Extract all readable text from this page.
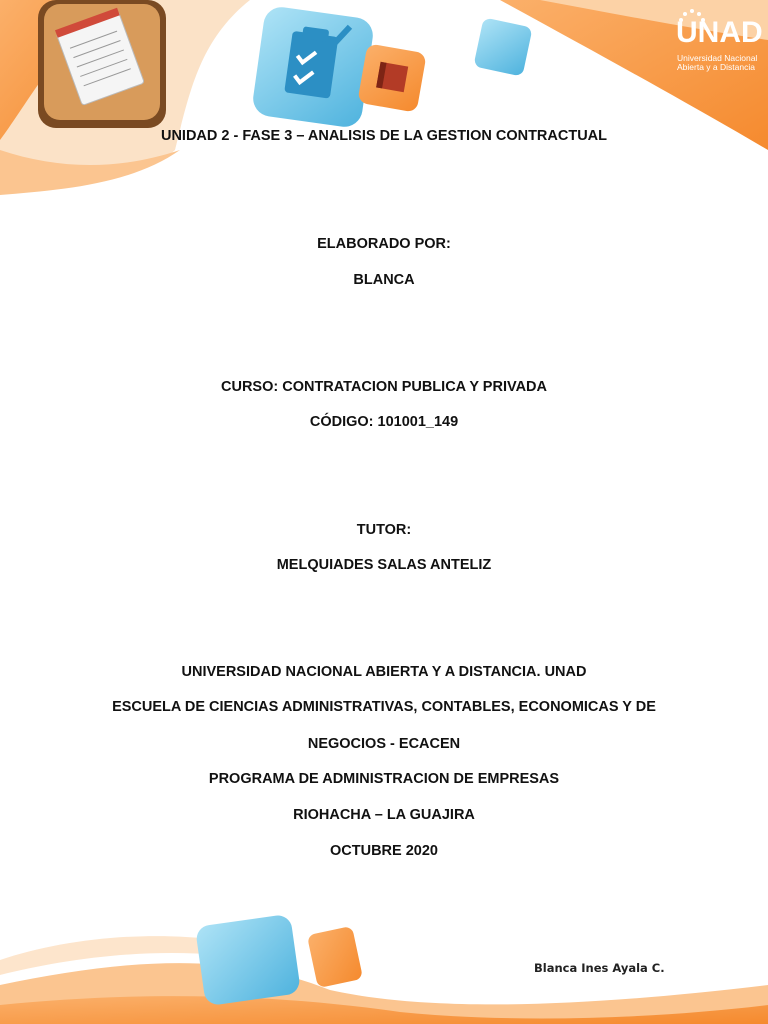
UNAD
Universidad Nacional
Abierta y a Distancia
UNIDAD 2 - FASE 3 – ANALISIS DE LA GESTION CONTRACTUAL
ELABORADO POR:
BLANCA
CURSO: CONTRATACION PUBLICA Y PRIVADA
CÓDIGO: 101001_149
TUTOR:
MELQUIADES SALAS ANTELIZ
UNIVERSIDAD NACIONAL ABIERTA Y A DISTANCIA. UNAD
ESCUELA DE CIENCIAS ADMINISTRATIVAS, CONTABLES, ECONOMICAS Y DE
NEGOCIOS - ECACEN
PROGRAMA DE ADMINISTRACION DE EMPRESAS
RIOHACHA – LA GUAJIRA
OCTUBRE 2020
Blanca Ines Ayala C.
